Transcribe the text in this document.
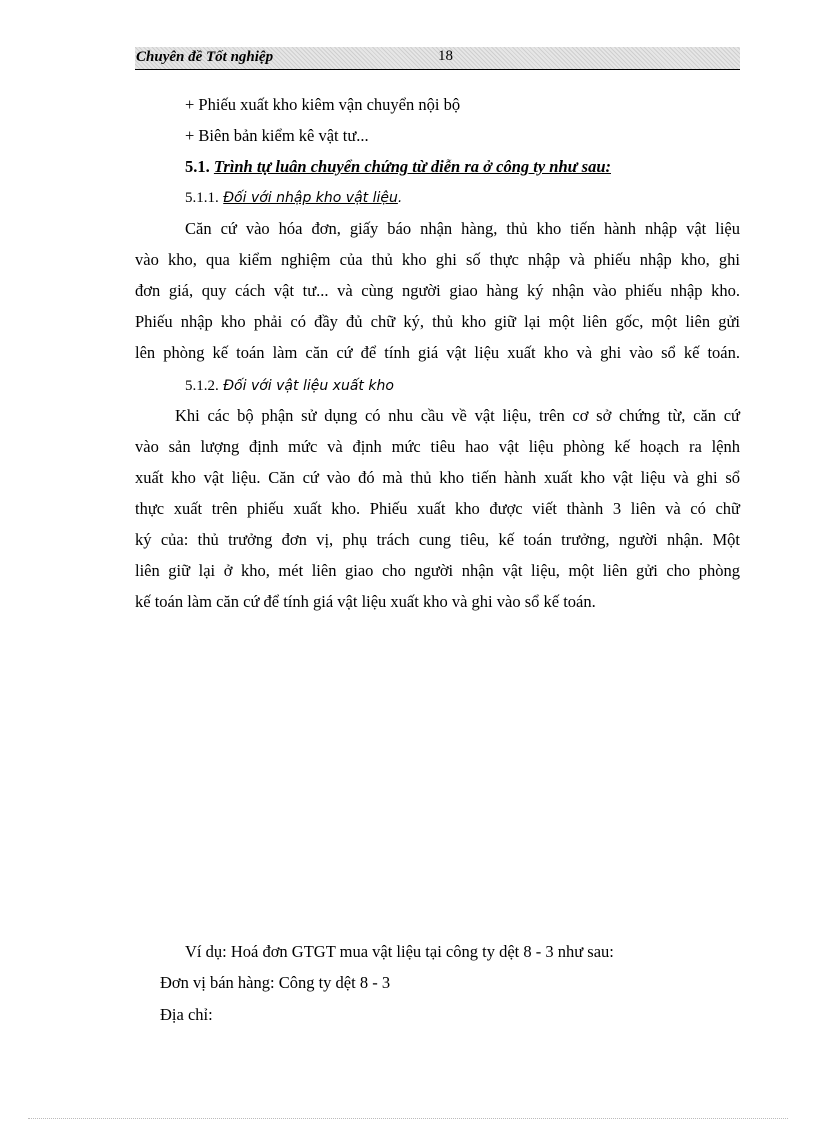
Chuyên đề Tốt nghiệp	18
+ Phiếu xuất kho kiêm vận chuyển nội bộ
+ Biên bản kiểm kê vật tư...
5.1. Trình tự luân chuyển chứng từ diễn ra ở công ty như sau:
5.1.1. Đối với nhập kho vật liệu.
Căn cứ vào hóa đơn, giấy báo nhận hàng, thủ kho tiến hành nhập vật liệu
vào kho, qua kiểm nghiệm của thủ kho ghi số thực nhập và phiếu nhập kho, ghi
đơn giá, quy cách vật tư... và cùng người giao hàng ký nhận vào phiếu nhập kho.
Phiếu nhập kho phải có đầy đủ chữ ký, thủ kho giữ lại một liên gốc, một liên gửi
lên phòng kế toán làm căn cứ để tính giá vật liệu xuất kho và ghi vào sổ kế toán.
5.1.2. Đối với vật liệu xuất kho
Khi các bộ phận sử dụng có nhu cầu về vật liệu, trên cơ sở chứng từ, căn cứ
vào sản lượng định mức và định mức tiêu hao vật liệu phòng kế hoạch ra lệnh
xuất kho vật liệu. Căn cứ vào đó mà thủ kho tiến hành xuất kho vật liệu và ghi sổ
thực xuất trên phiếu xuất kho. Phiếu xuất kho được viết thành 3 liên và có chữ
ký của: thủ trưởng đơn vị, phụ trách cung tiêu, kế toán trưởng, người nhận. Một
liên giữ lại ở kho, mét liên giao cho người nhận vật liệu, một liên gửi cho phòng
kế toán làm căn cứ để tính giá vật liệu xuất kho và ghi vào sổ kế toán.
Ví dụ: Hoá đơn GTGT mua vật liệu tại công ty dệt 8 - 3 như sau:
Đơn vị bán hàng: Công ty dệt 8 - 3
Địa chỉ:
